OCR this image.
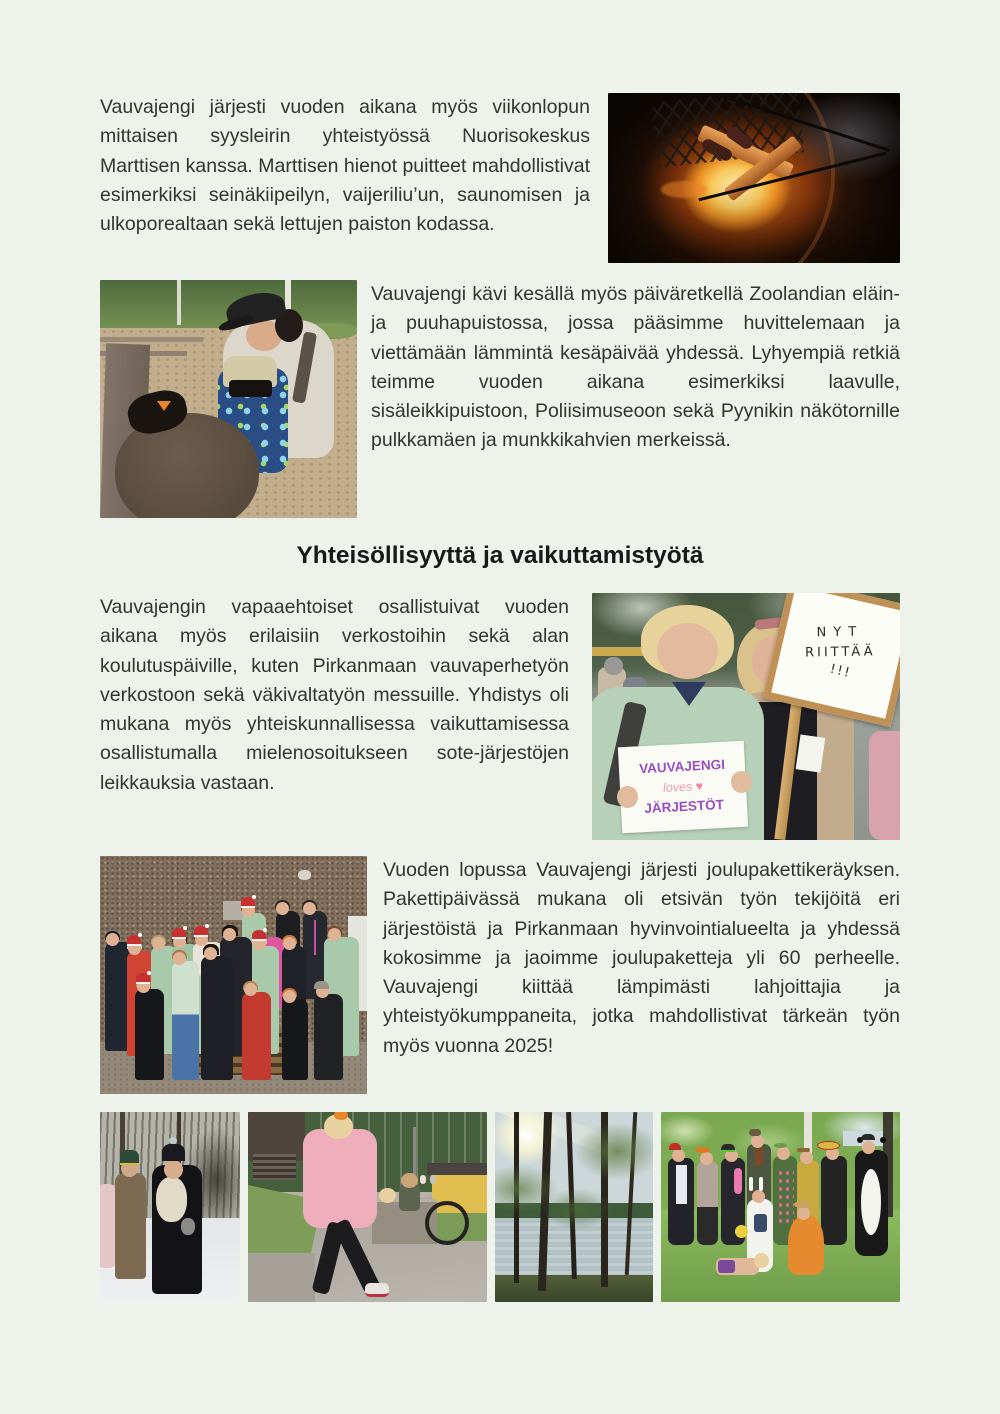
Vauvajengi järjesti vuoden aikana myös viikonlopun mittaisen syysleirin yhteistyössä Nuorisokeskus Marttisen kanssa. Marttisen hienot puitteet mahdollistivat esimerkiksi seinäkiipeilyn, vaijeriliu’un, saunomisen ja ulkoporealtaan sekä lettujen paiston kodassa.

Vauvajengi kävi kesällä myös päiväretkellä Zoolandian eläin- ja puuhapuistossa, jossa pääsimme huvittelemaan ja viettämään lämmintä kesäpäivää yhdessä. Lyhyempiä retkiä teimme vuoden aikana esimerkiksi laavulle, sisäleikkipuistoon, Poliisimuseoon sekä Pyynikin näkötornille pulkkamäen ja munkkikahvien merkeissä.

Yhteisöllisyyttä ja vaikuttamistyötä

Vauvajengin vapaaehtoiset osallistuivat vuoden aikana myös erilaisiin verkostoihin sekä alan koulutuspäiville, kuten Pirkanmaan vauvaperhetyön verkostoon sekä väkivaltatyön messuille. Yhdistys oli mukana myös yhteiskunnallisessa vaikuttamisessa osallistumalla mielenosoitukseen sote-järjestöjen leikkauksia vastaan.

NYT
RIITTÄÄ
!!!
VAUVAJENGI
loves ♥
JÄRJESTÖT

Vuoden lopussa Vauvajengi järjesti joulupakettikeräyksen. Pakettipäivässä mukana oli etsivän työn tekijöitä eri järjestöistä ja Pirkanmaan hyvinvointialueelta ja yhdessä kokosimme ja jaoimme joulupaketteja yli 60 perheelle. Vauvajengi kiittää lämpimästi lahjoittajia ja yhteistyökumppaneita, jotka mahdollistivat tärkeän työn myös vuonna 2025!
